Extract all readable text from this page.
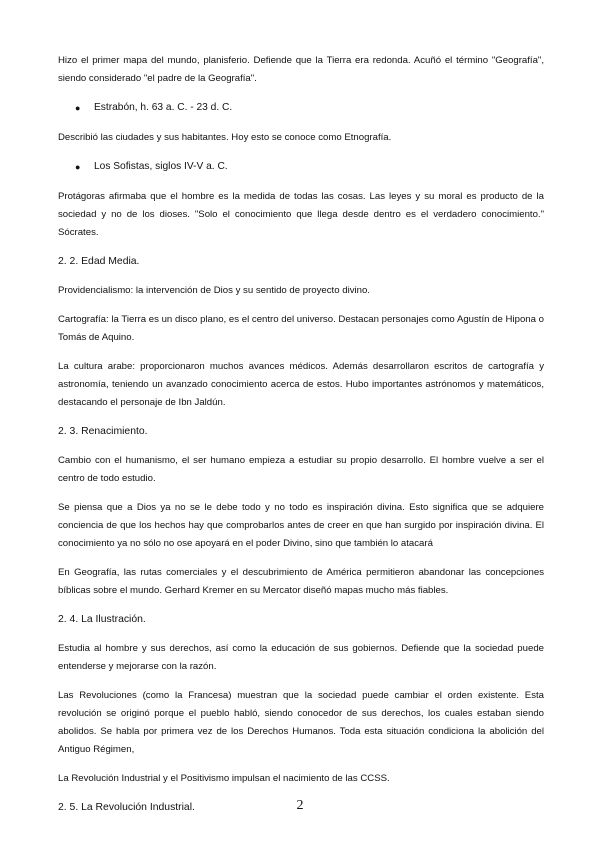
Hizo el primer mapa del mundo, planisferio. Defiende que la Tierra era redonda. Acuñó el término "Geografía", siendo considerado "el padre de la Geografía".

● Estrabón, h. 63 a. C. - 23 d. C.

Describió las ciudades y sus habitantes. Hoy esto se conoce como Etnografía.

● Los Sofistas, siglos IV-V a. C.

Protágoras afirmaba que el hombre es la medida de todas las cosas. Las leyes y su moral es producto de la sociedad y no de los dioses. "Solo el conocimiento que llega desde dentro es el verdadero conocimiento." Sócrates.

2. 2. Edad Media.

Providencialismo: la intervención de Dios y su sentido de proyecto divino.

Cartografía: la Tierra es un disco plano, es el centro del universo. Destacan personajes como Agustín de Hipona o Tomás de Aquino.

La cultura arabe: proporcionaron muchos avances médicos. Además desarrollaron escritos de cartografía y astronomía, teniendo un avanzado conocimiento acerca de estos. Hubo importantes astrónomos y matemáticos, destacando el personaje de Ibn Jaldún.

2. 3. Renacimiento.

Cambio con el humanismo, el ser humano empieza a estudiar su propio desarrollo. El hombre vuelve a ser el centro de todo estudio.

Se piensa que a Dios ya no se le debe todo y no todo es inspiración divina. Esto significa que se adquiere conciencia de que los hechos hay que comprobarlos antes de creer en que han surgido por inspiración divina. El conocimiento ya no sólo no ose apoyará en el poder Divino, sino que también lo atacará

En Geografía, las rutas comerciales y el descubrimiento de América permitieron abandonar las concepciones bíblicas sobre el mundo. Gerhard Kremer en su Mercator diseñó mapas mucho más fiables.

2. 4. La Ilustración.

Estudia al hombre y sus derechos, así como la educación de sus gobiernos. Defiende que la sociedad puede entenderse y mejorarse con la razón.

Las Revoluciones (como la Francesa) muestran que la sociedad puede cambiar el orden existente. Esta revolución se originó porque el pueblo habló, siendo conocedor de sus derechos, los cuales estaban siendo abolidos. Se habla por primera vez de los Derechos Humanos. Toda esta situación condiciona la abolición del Antiguo Régimen,

La Revolución Industrial y el Positivismo impulsan el nacimiento de las CCSS.

2. 5. La Revolución Industrial.	2
